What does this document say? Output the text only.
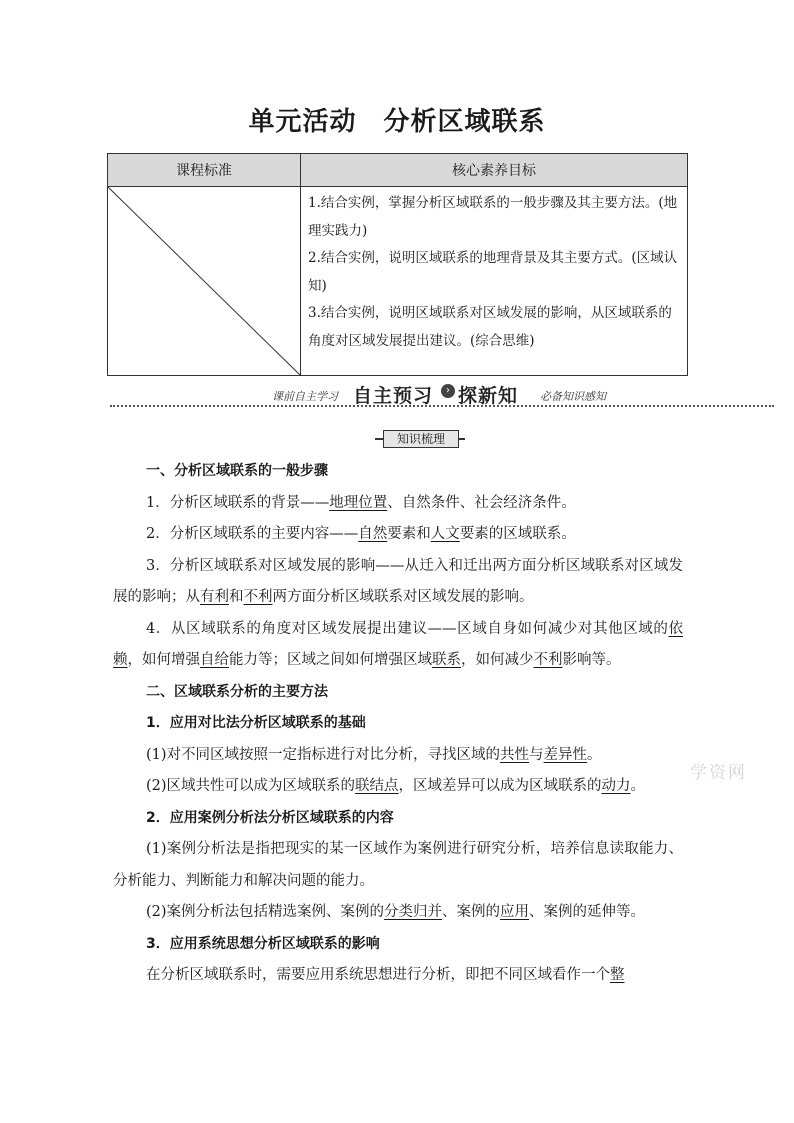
单元活动　分析区域联系
课程标准	核心素养目标

1.结合实例，掌握分析区域联系的一般步骤及其主要方法。(地理实践力)
2.结合实例，说明区域联系的地理背景及其主要方式。(区域认知)
3.结合实例，说明区域联系对区域发展的影响，从区域联系的角度对区域发展提出建议。(综合思维)
课前自主学习 自主预习	› 探新知 必备知识感知
知识梳理
学资网

一、分析区域联系的一般步骤

1．分析区域联系的背景——地理位置、自然条件、社会经济条件。

2．分析区域联系的主要内容——自然要素和人文要素的区域联系。

3．分析区域联系对区域发展的影响——从迁入和迁出两方面分析区域联系对区域发展的影响；从有利和不利两方面分析区域联系对区域发展的影响。

4．从区域联系的角度对区域发展提出建议——区域自身如何减少对其他区域的依赖，如何增强自给能力等；区域之间如何增强区域联系，如何减少不利影响等。

二、区域联系分析的主要方法

1．应用对比法分析区域联系的基础

(1)对不同区域按照一定指标进行对比分析，寻找区域的共性与差异性。

(2)区域共性可以成为区域联系的联结点，区域差异可以成为区域联系的动力。

2．应用案例分析法分析区域联系的内容

(1)案例分析法是指把现实的某一区域作为案例进行研究分析，培养信息读取能力、分析能力、判断能力和解决问题的能力。

(2)案例分析法包括精选案例、案例的分类归并、案例的应用、案例的延伸等。

3．应用系统思想分析区域联系的影响

在分析区域联系时，需要应用系统思想进行分析，即把不同区域看作一个整
